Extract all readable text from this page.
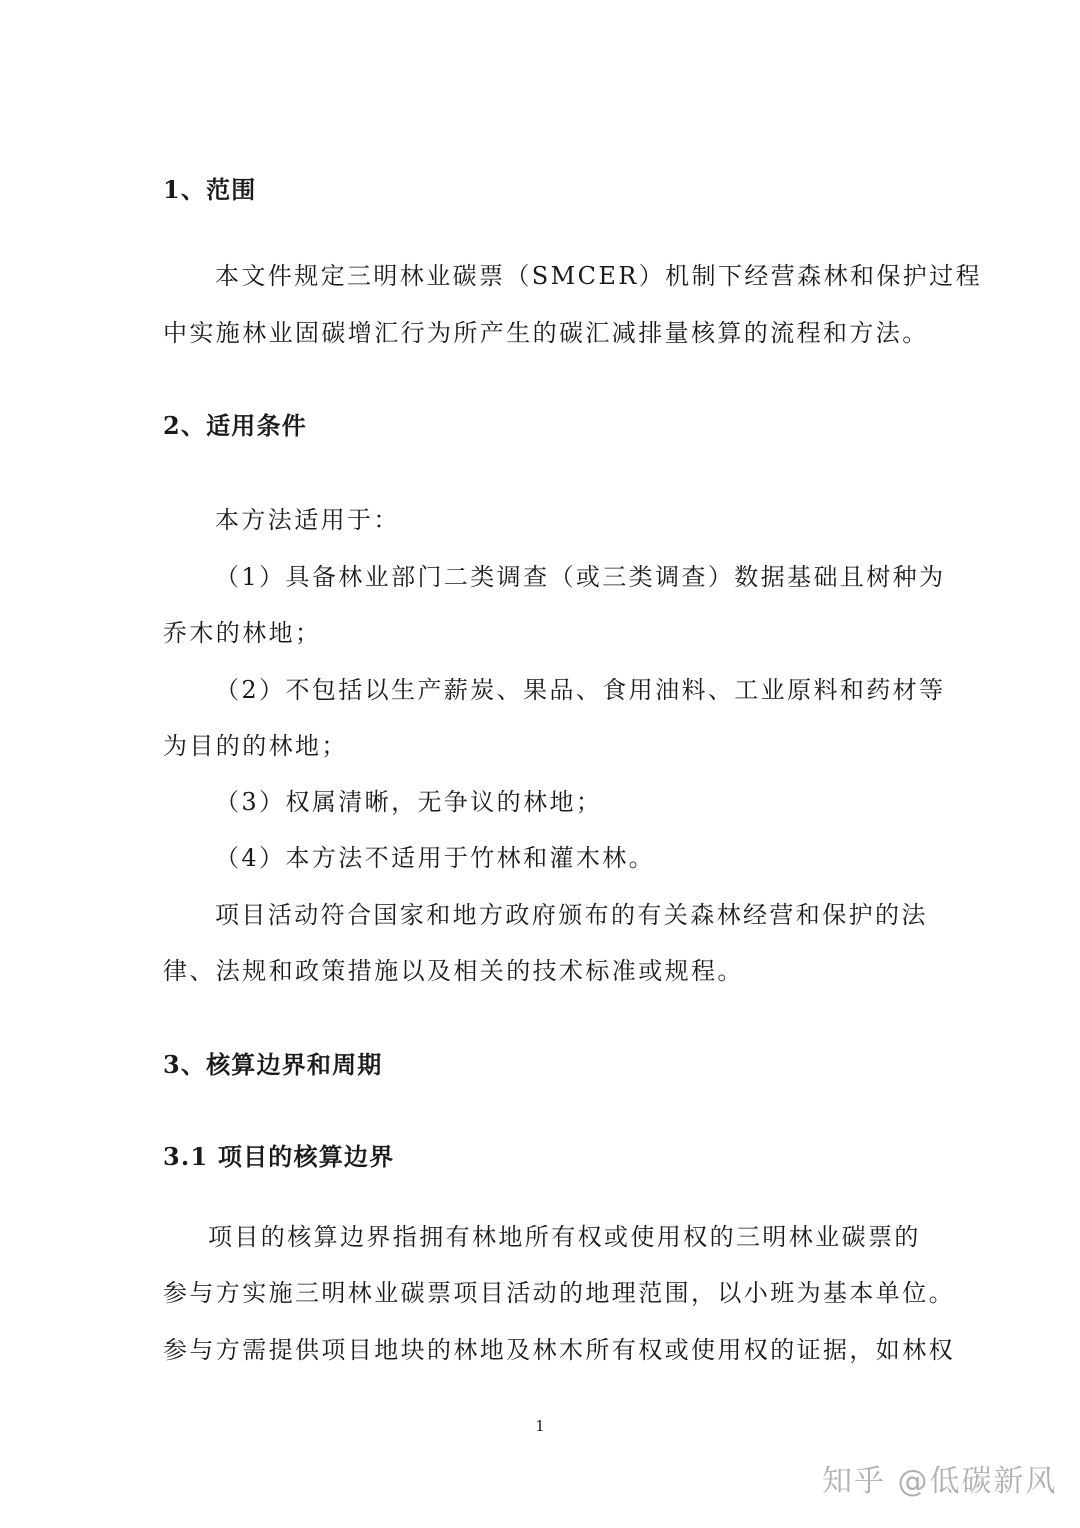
1、范围
本文件规定三明林业碳票（SMCER）机制下经营森林和保护过程
中实施林业固碳增汇行为所产生的碳汇减排量核算的流程和方法。
2、适用条件
本方法适用于：
（1）具备林业部门二类调查（或三类调查）数据基础且树种为
乔木的林地；
（2）不包括以生产薪炭、果品、食用油料、工业原料和药材等
为目的的林地；
（3）权属清晰，无争议的林地；
（4）本方法不适用于竹林和灌木林。
项目活动符合国家和地方政府颁布的有关森林经营和保护的法
律、法规和政策措施以及相关的技术标准或规程。
3、核算边界和周期
3.1 项目的核算边界
项目的核算边界指拥有林地所有权或使用权的三明林业碳票的
参与方实施三明林业碳票项目活动的地理范围，以小班为基本单位。
参与方需提供项目地块的林地及林木所有权或使用权的证据，如林权
1
知乎 @低碳新风
